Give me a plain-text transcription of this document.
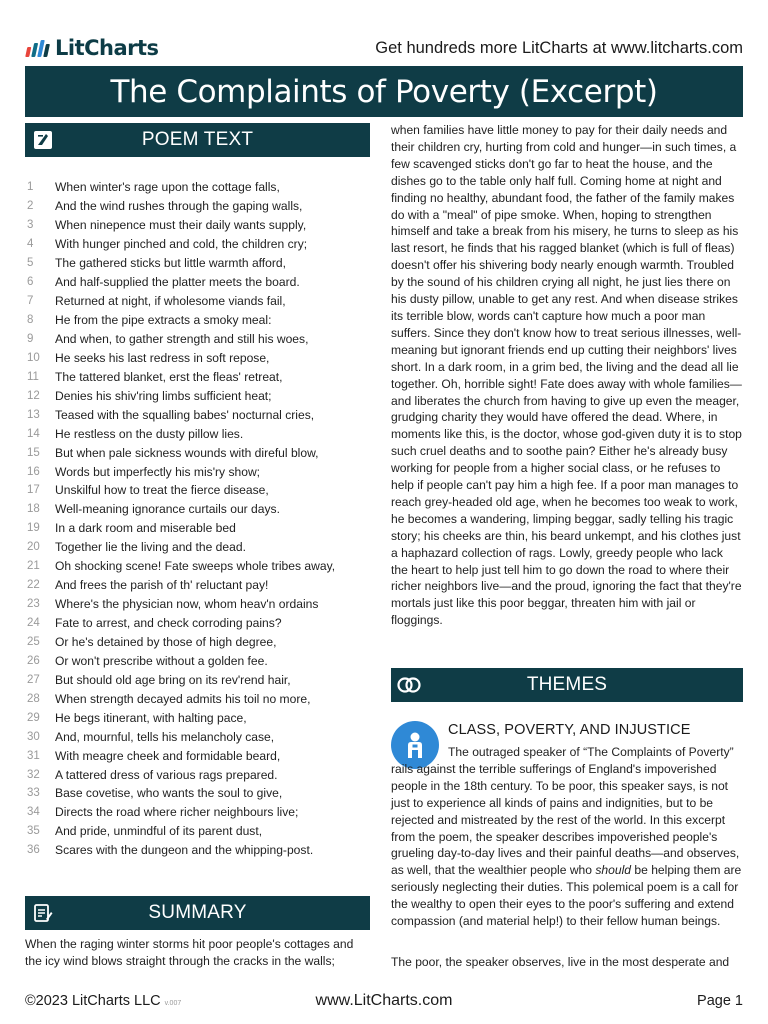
LitCharts	Get hundreds more LitCharts at www.litcharts.com
The Complaints of Poverty (Excerpt)
POEM TEXT
1	When winter's rage upon the cottage falls,
2	And the wind rushes through the gaping walls,
3	When ninepence must their daily wants supply,
4	With hunger pinched and cold, the children cry;
5	The gathered sticks but little warmth afford,
6	And half-supplied the platter meets the board.
7	Returned at night, if wholesome viands fail,
8	He from the pipe extracts a smoky meal:
9	And when, to gather strength and still his woes,
10	He seeks his last redress in soft repose,
11	The tattered blanket, erst the fleas' retreat,
12	Denies his shiv'ring limbs sufficient heat;
13	Teased with the squalling babes' nocturnal cries,
14	He restless on the dusty pillow lies.
15	But when pale sickness wounds with direful blow,
16	Words but imperfectly his mis'ry show;
17	Unskilful how to treat the fierce disease,
18	Well-meaning ignorance curtails our days.
19	In a dark room and miserable bed
20	Together lie the living and the dead.
21	Oh shocking scene! Fate sweeps whole tribes away,
22	And frees the parish of th' reluctant pay!
23	Where's the physician now, whom heav'n ordains
24	Fate to arrest, and check corroding pains?
25	Or he's detained by those of high degree,
26	Or won't prescribe without a golden fee.
27	But should old age bring on its rev'rend hair,
28	When strength decayed admits his toil no more,
29	He begs itinerant, with halting pace,
30	And, mournful, tells his melancholy case,
31	With meagre cheek and formidable beard,
32	A tattered dress of various rags prepared.
33	Base covetise, who wants the soul to give,
34	Directs the road where richer neighbours live;
35	And pride, unmindful of its parent dust,
36	Scares with the dungeon and the whipping-post.
SUMMARY
When the raging winter storms hit poor people's cottages and the icy wind blows straight through the cracks in the walls;
when families have little money to pay for their daily needs and their children cry, hurting from cold and hunger—in such times, a few scavenged sticks don't go far to heat the house, and the dishes go to the table only half full. Coming home at night and finding no healthy, abundant food, the father of the family makes do with a "meal" of pipe smoke. When, hoping to strengthen himself and take a break from his misery, he turns to sleep as his last resort, he finds that his ragged blanket (which is full of fleas) doesn't offer his shivering body nearly enough warmth. Troubled by the sound of his children crying all night, he just lies there on his dusty pillow, unable to get any rest. And when disease strikes its terrible blow, words can't capture how much a poor man suffers. Since they don't know how to treat serious illnesses, well-meaning but ignorant friends end up cutting their neighbors' lives short. In a dark room, in a grim bed, the living and the dead all lie together. Oh, horrible sight! Fate does away with whole families—and liberates the church from having to give up even the meager, grudging charity they would have offered the dead. Where, in moments like this, is the doctor, whose god-given duty it is to stop such cruel deaths and to soothe pain? Either he's already busy working for people from a higher social class, or he refuses to help if people can't pay him a high fee. If a poor man manages to reach grey-headed old age, when he becomes too weak to work, he becomes a wandering, limping beggar, sadly telling his tragic story; his cheeks are thin, his beard unkempt, and his clothes just a haphazard collection of rags. Lowly, greedy people who lack the heart to help just tell him to go down the road to where their richer neighbors live—and the proud, ignoring the fact that they're mortals just like this poor beggar, threaten him with jail or floggings.
THEMES
CLASS, POVERTY, AND INJUSTICE
The outraged speaker of “The Complaints of Poverty” rails against the terrible sufferings of England's impoverished people in the 18th century. To be poor, this speaker says, is not just to experience all kinds of pains and indignities, but to be rejected and mistreated by the rest of the world. In this excerpt from the poem, the speaker describes impoverished people's grueling day-to-day lives and their painful deaths—and observes, as well, that the wealthier people who should be helping them are seriously neglecting their duties. This polemical poem is a call for the wealthy to open their eyes to the poor's suffering and extend compassion (and material help!) to their fellow human beings.
The poor, the speaker observes, live in the most desperate and
©2023 LitCharts LLC v.007	www.LitCharts.com	Page 1
